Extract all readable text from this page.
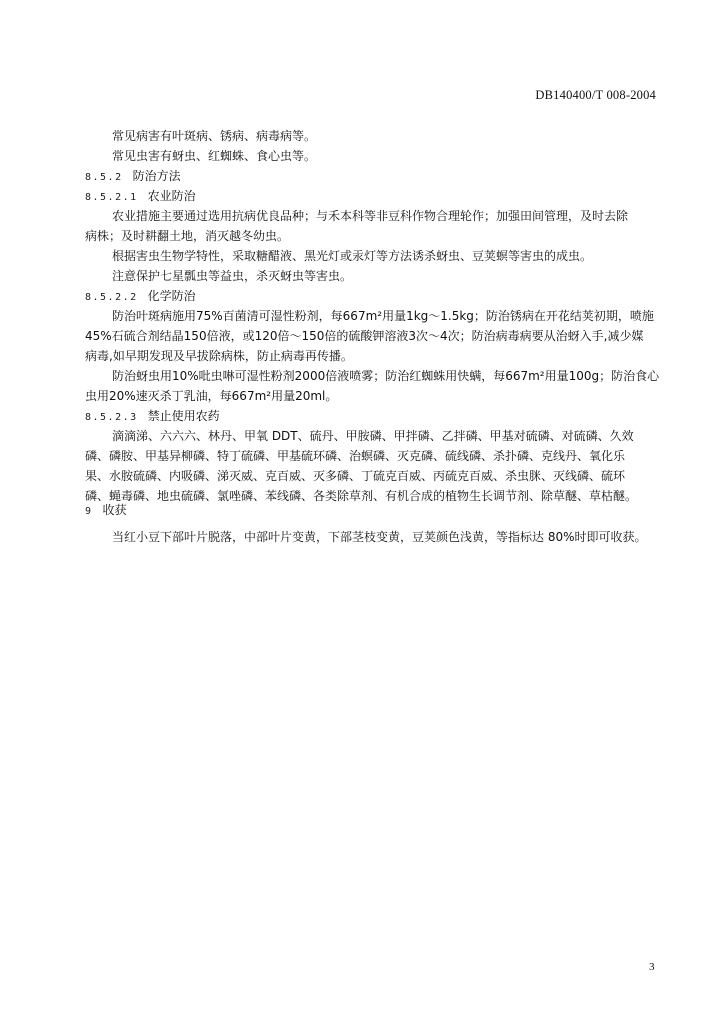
DB140400/T 008-2004
常见病害有叶斑病、锈病、病毒病等。
常见虫害有蚜虫、红蜘蛛、食心虫等。
8.5.2 防治方法
8.5.2.1 农业防治
农业措施主要通过选用抗病优良品种；与禾本科等非豆科作物合理轮作；加强田间管理，及时去除
病株；及时耕翻土地，消灭越冬幼虫。
根据害虫生物学特性，采取糖醋液、黑光灯或汞灯等方法诱杀蚜虫、豆荚螟等害虫的成虫。
注意保护七星瓢虫等益虫，杀灭蚜虫等害虫。
8.5.2.2 化学防治
防治叶斑病施用75%百菌清可湿性粉剂，每667m²用量1kg～1.5kg；防治锈病在开花结荚初期，喷施
45%石硫合剂结晶150倍液，或120倍～150倍的硫酸钾溶液3次～4次；防治病毒病要从治蚜入手,减少媒
病毒,如早期发现及早拔除病株，防止病毒再传播。
防治蚜虫用10%吡虫啉可湿性粉剂2000倍液喷雾；防治红蜘蛛用快螨，每667m²用量100g；防治食心
虫用20%速灭杀丁乳油，每667m²用量20ml。
8.5.2.3 禁止使用农药
滴滴涕、六六六、林丹、甲氧 DDT、硫丹、甲胺磷、甲拌磷、乙拌磷、甲基对硫磷、对硫磷、久效
磷、磷胺、甲基异柳磷、特丁硫磷、甲基硫环磷、治螟磷、灭克磷、硫线磷、杀扑磷、克线丹、氧化乐
果、水胺硫磷、内吸磷、涕灭威、克百威、灭多磷、丁硫克百威、丙硫克百威、杀虫脒、灭线磷、硫环
磷、蝇毒磷、地虫硫磷、氯唑磷、苯线磷、各类除草剂、有机合成的植物生长调节剂、除草醚、草枯醚。
9 收获
当红小豆下部叶片脱落，中部叶片变黄，下部茎枝变黄，豆荚颜色浅黄，等指标达 80%时即可收获。
3
